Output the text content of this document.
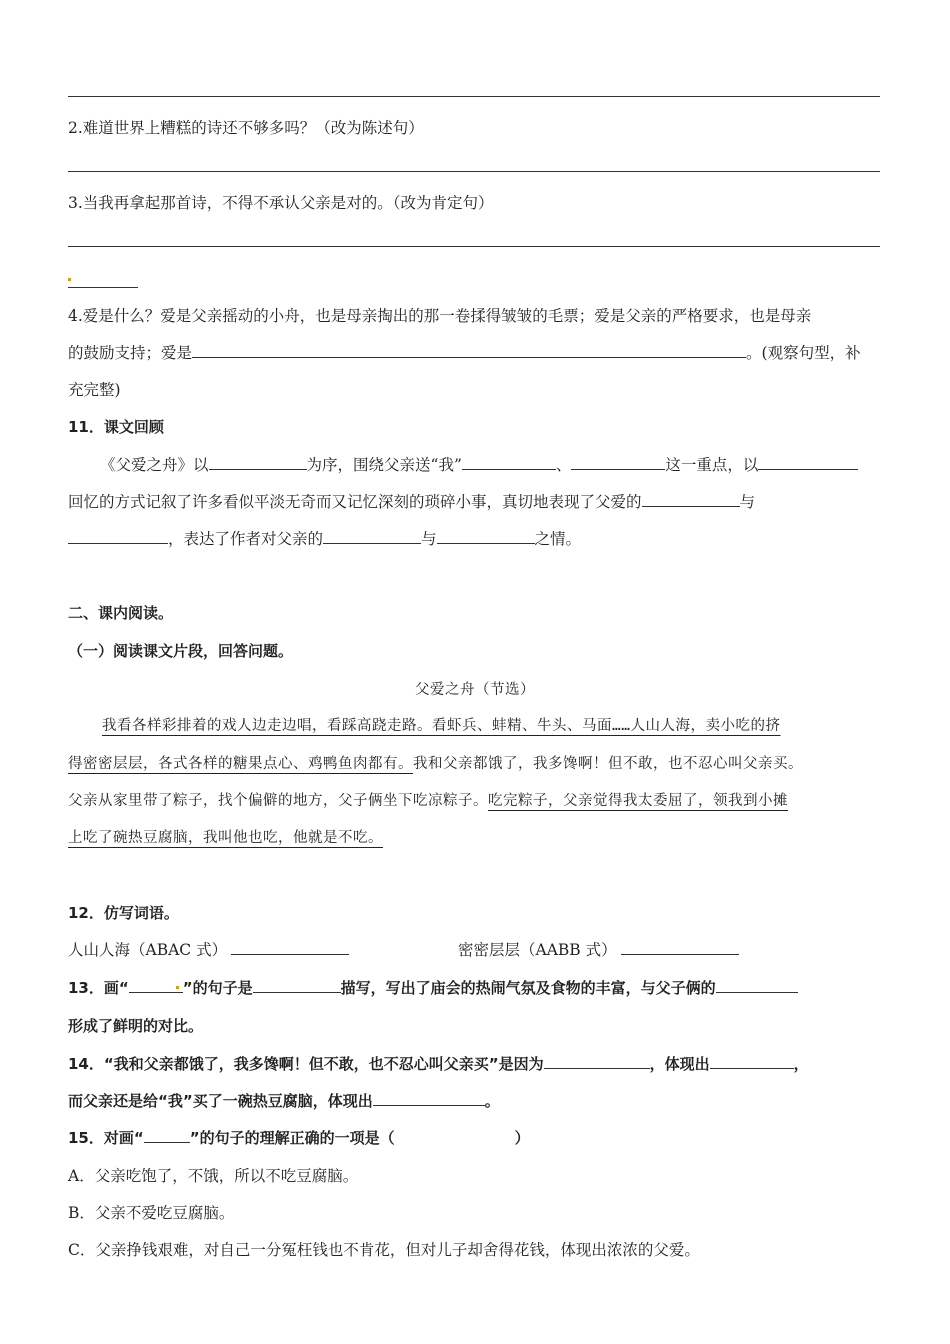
2.难道世界上糟糕的诗还不够多吗？（改为陈述句）
3.当我再拿起那首诗，不得不承认父亲是对的。（改为肯定句）
4.爱是什么？爱是父亲摇动的小舟，也是母亲掏出的那一卷揉得皱皱的毛票；爱是父亲的严格要求，也是母亲
的鼓励支持；爱是	。(观察句型，补
充完整)
11．课文回顾
《父爱之舟》以	为序，围绕父亲送“我”	、	这一重点，以
回忆的方式记叙了许多看似平淡无奇而又记忆深刻的琐碎小事，真切地表现了父爱的	与
，表达了作者对父亲的	与	之情。
二、课内阅读。
（一）阅读课文片段，回答问题。
父爱之舟（节选）
我看各样彩排着的戏人边走边唱，看踩高跷走路。看虾兵、蚌精、牛头、马面……人山人海，卖小吃的挤
得密密层层，各式各样的糖果点心、鸡鸭鱼肉都有。我和父亲都饿了，我多馋啊！但不敢，也不忍心叫父亲买。
父亲从家里带了粽子，找个偏僻的地方，父子俩坐下吃凉粽子。吃完粽子，父亲觉得我太委屈了，领我到小摊
上吃了碗热豆腐脑，我叫他也吃，他就是不吃。
12．仿写词语。
人山人海（ABAC 式）	密密层层（AABB 式）
13．画“	”的句子是	描写，写出了庙会的热闹气氛及食物的丰富，与父子俩的
形成了鲜明的对比。
14．“我和父亲都饿了，我多馋啊！但不敢，也不忍心叫父亲买”是因为	，体现出	，
而父亲还是给“我”买了一碗热豆腐脑，体现出	。
15．对画“	”的句子的理解正确的一项是（	）
A．父亲吃饱了，不饿，所以不吃豆腐脑。
B．父亲不爱吃豆腐脑。
C．父亲挣钱艰难，对自己一分冤枉钱也不肯花，但对儿子却舍得花钱，体现出浓浓的父爱。
